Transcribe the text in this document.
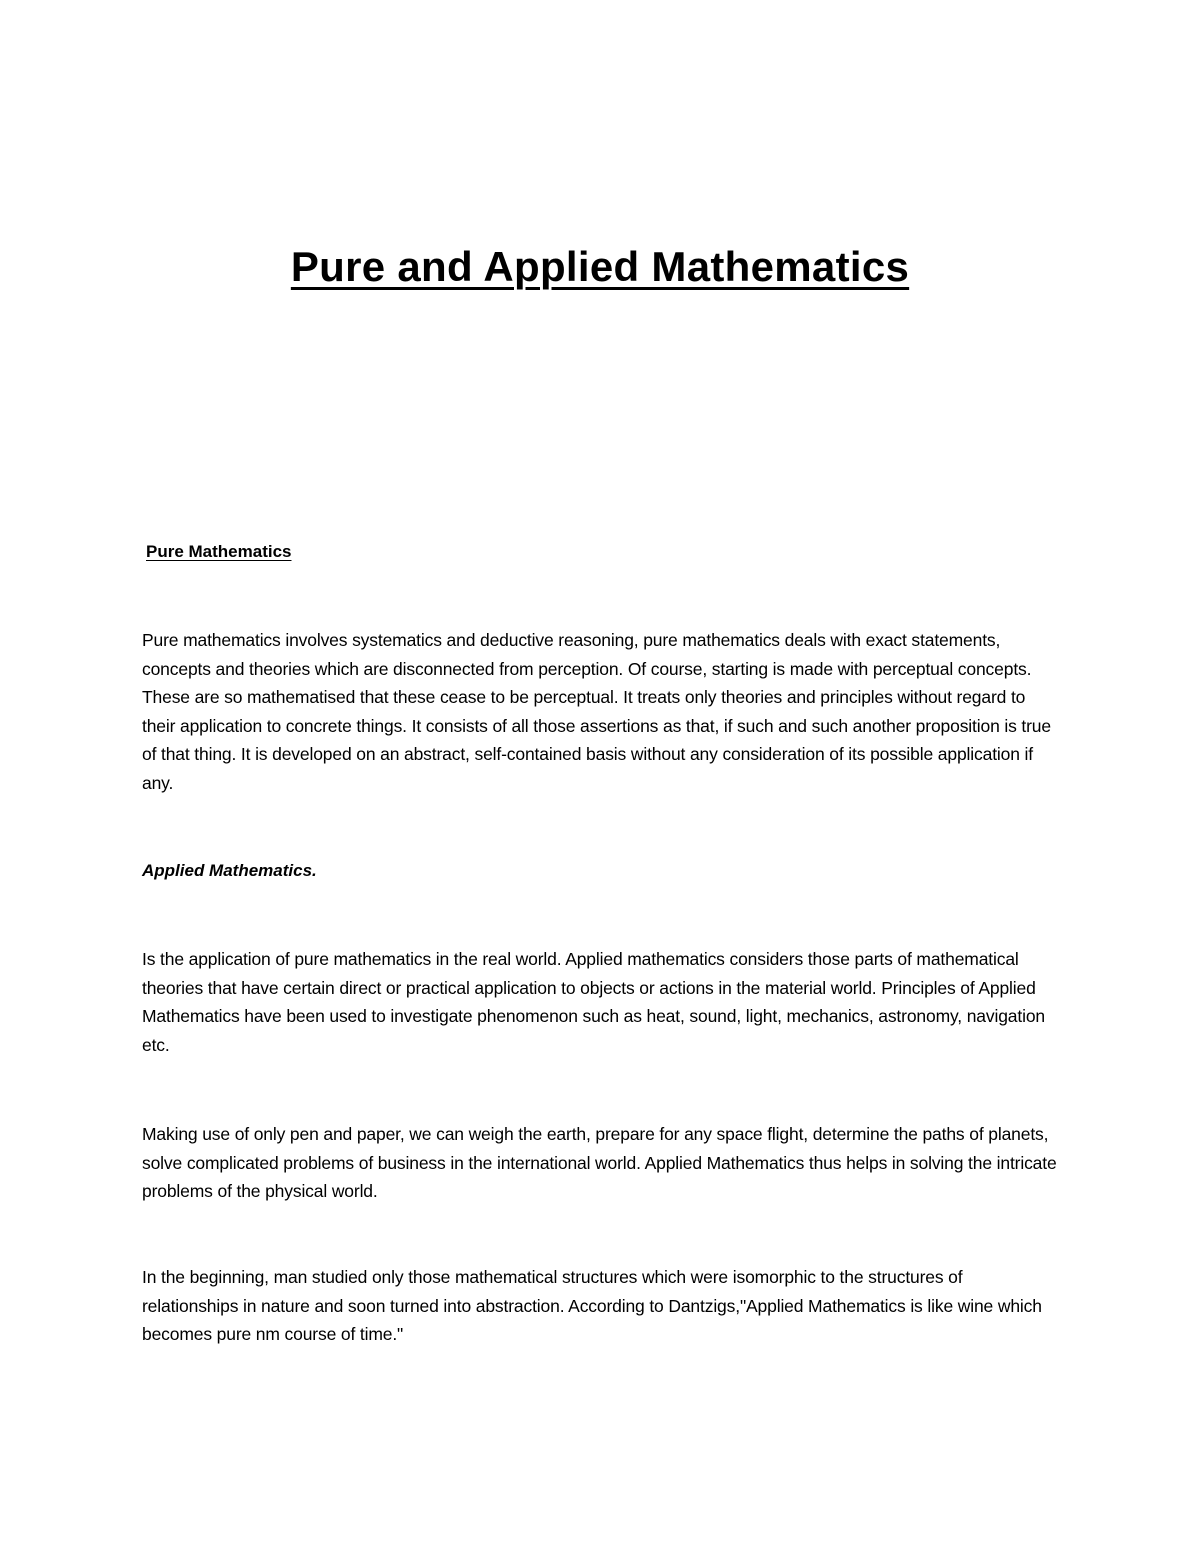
Pure and Applied Mathematics
Pure Mathematics

Pure mathematics involves systematics and deductive reasoning, pure mathematics deals with exact statements, concepts and theories which are disconnected from perception. Of course, starting is made with perceptual concepts. These are so mathematised that these cease to be perceptual. It treats only theories and principles without regard to their application to concrete things. It consists of all those assertions as that, if such and such another proposition is true of that thing. It is developed on an abstract, self-contained basis without any consideration of its possible application if any.

Applied Mathematics.

Is the application of pure mathematics in the real world. Applied mathematics considers those parts of mathematical theories that have certain direct or practical application to objects or actions in the material world. Principles of Applied Mathematics have been used to investigate phenomenon such as heat, sound, light, mechanics, astronomy, navigation etc.

Making use of only pen and paper, we can weigh the earth, prepare for any space flight, determine the paths of planets, solve complicated problems of business in the international world. Applied Mathematics thus helps in solving the intricate problems of the physical world.

In the beginning, man studied only those mathematical structures which were isomorphic to the structures of relationships in nature and soon turned into abstraction. According to Dantzigs,"Applied Mathematics is like wine which becomes pure nm course of time."
